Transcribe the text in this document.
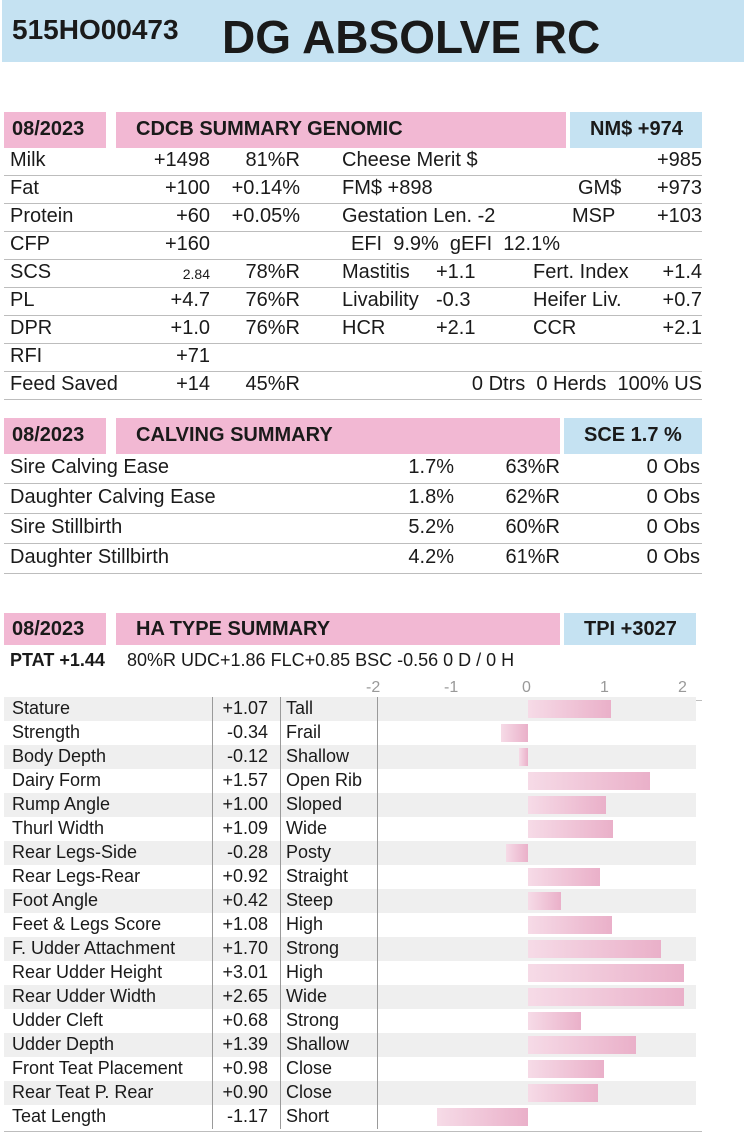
515HO00473 DG ABSOLVE RC
08/2023	CDCB SUMMARY GENOMIC	NM$ +974
Milk	+1498 81%R Cheese Merit $	+985
Fat	+100 +0.14% FM$ +898	GM$ +973
Protein	+60 +0.05% Gestation Len. -2	MSP +103
CFP	+160	EFI  9.9%  gEFI  12.1%
SCS	2.84 78%R Mastitis +1.1	Fert. Index +1.4
PL	+4.7 76%R Livability -0.3	Heifer Liv. +0.7
DPR	+1.0 76%R HCR	+2.1	CCR	+2.1
RFI	+71
Feed Saved	+14 45%R	0 Dtrs  0 Herds  100% US
08/2023	CALVING SUMMARY	SCE 1.7 %
Sire Calving Ease	1.7%	63%R	0 Obs
Daughter Calving Ease	1.8%	62%R	0 Obs
Sire Stillbirth	5.2%	60%R	0 Obs
Daughter Stillbirth	4.2%	61%R	0 Obs
08/2023	HA TYPE SUMMARY	TPI +3027
PTAT +1.44 80%R UDC+1.86 FLC+0.85 BSC -0.56 0 D / 0 H
-2	-1	0	1	2
Stature	+1.07 Tall
Strength	-0.34 Frail
Body Depth	-0.12 Shallow
Dairy Form	+1.57 Open Rib
Rump Angle	+1.00 Sloped
Thurl Width	+1.09 Wide
Rear Legs-Side	-0.28 Posty
Rear Legs-Rear	+0.92 Straight
Foot Angle	+0.42 Steep
Feet & Legs Score	+1.08 High
F. Udder Attachment	+1.70 Strong
Rear Udder Height	+3.01 High
Rear Udder Width	+2.65 Wide
Udder Cleft	+0.68 Strong
Udder Depth	+1.39 Shallow
Front Teat Placement +0.98 Close
Rear Teat P. Rear	+0.90 Close
Teat Length	-1.17 Short
